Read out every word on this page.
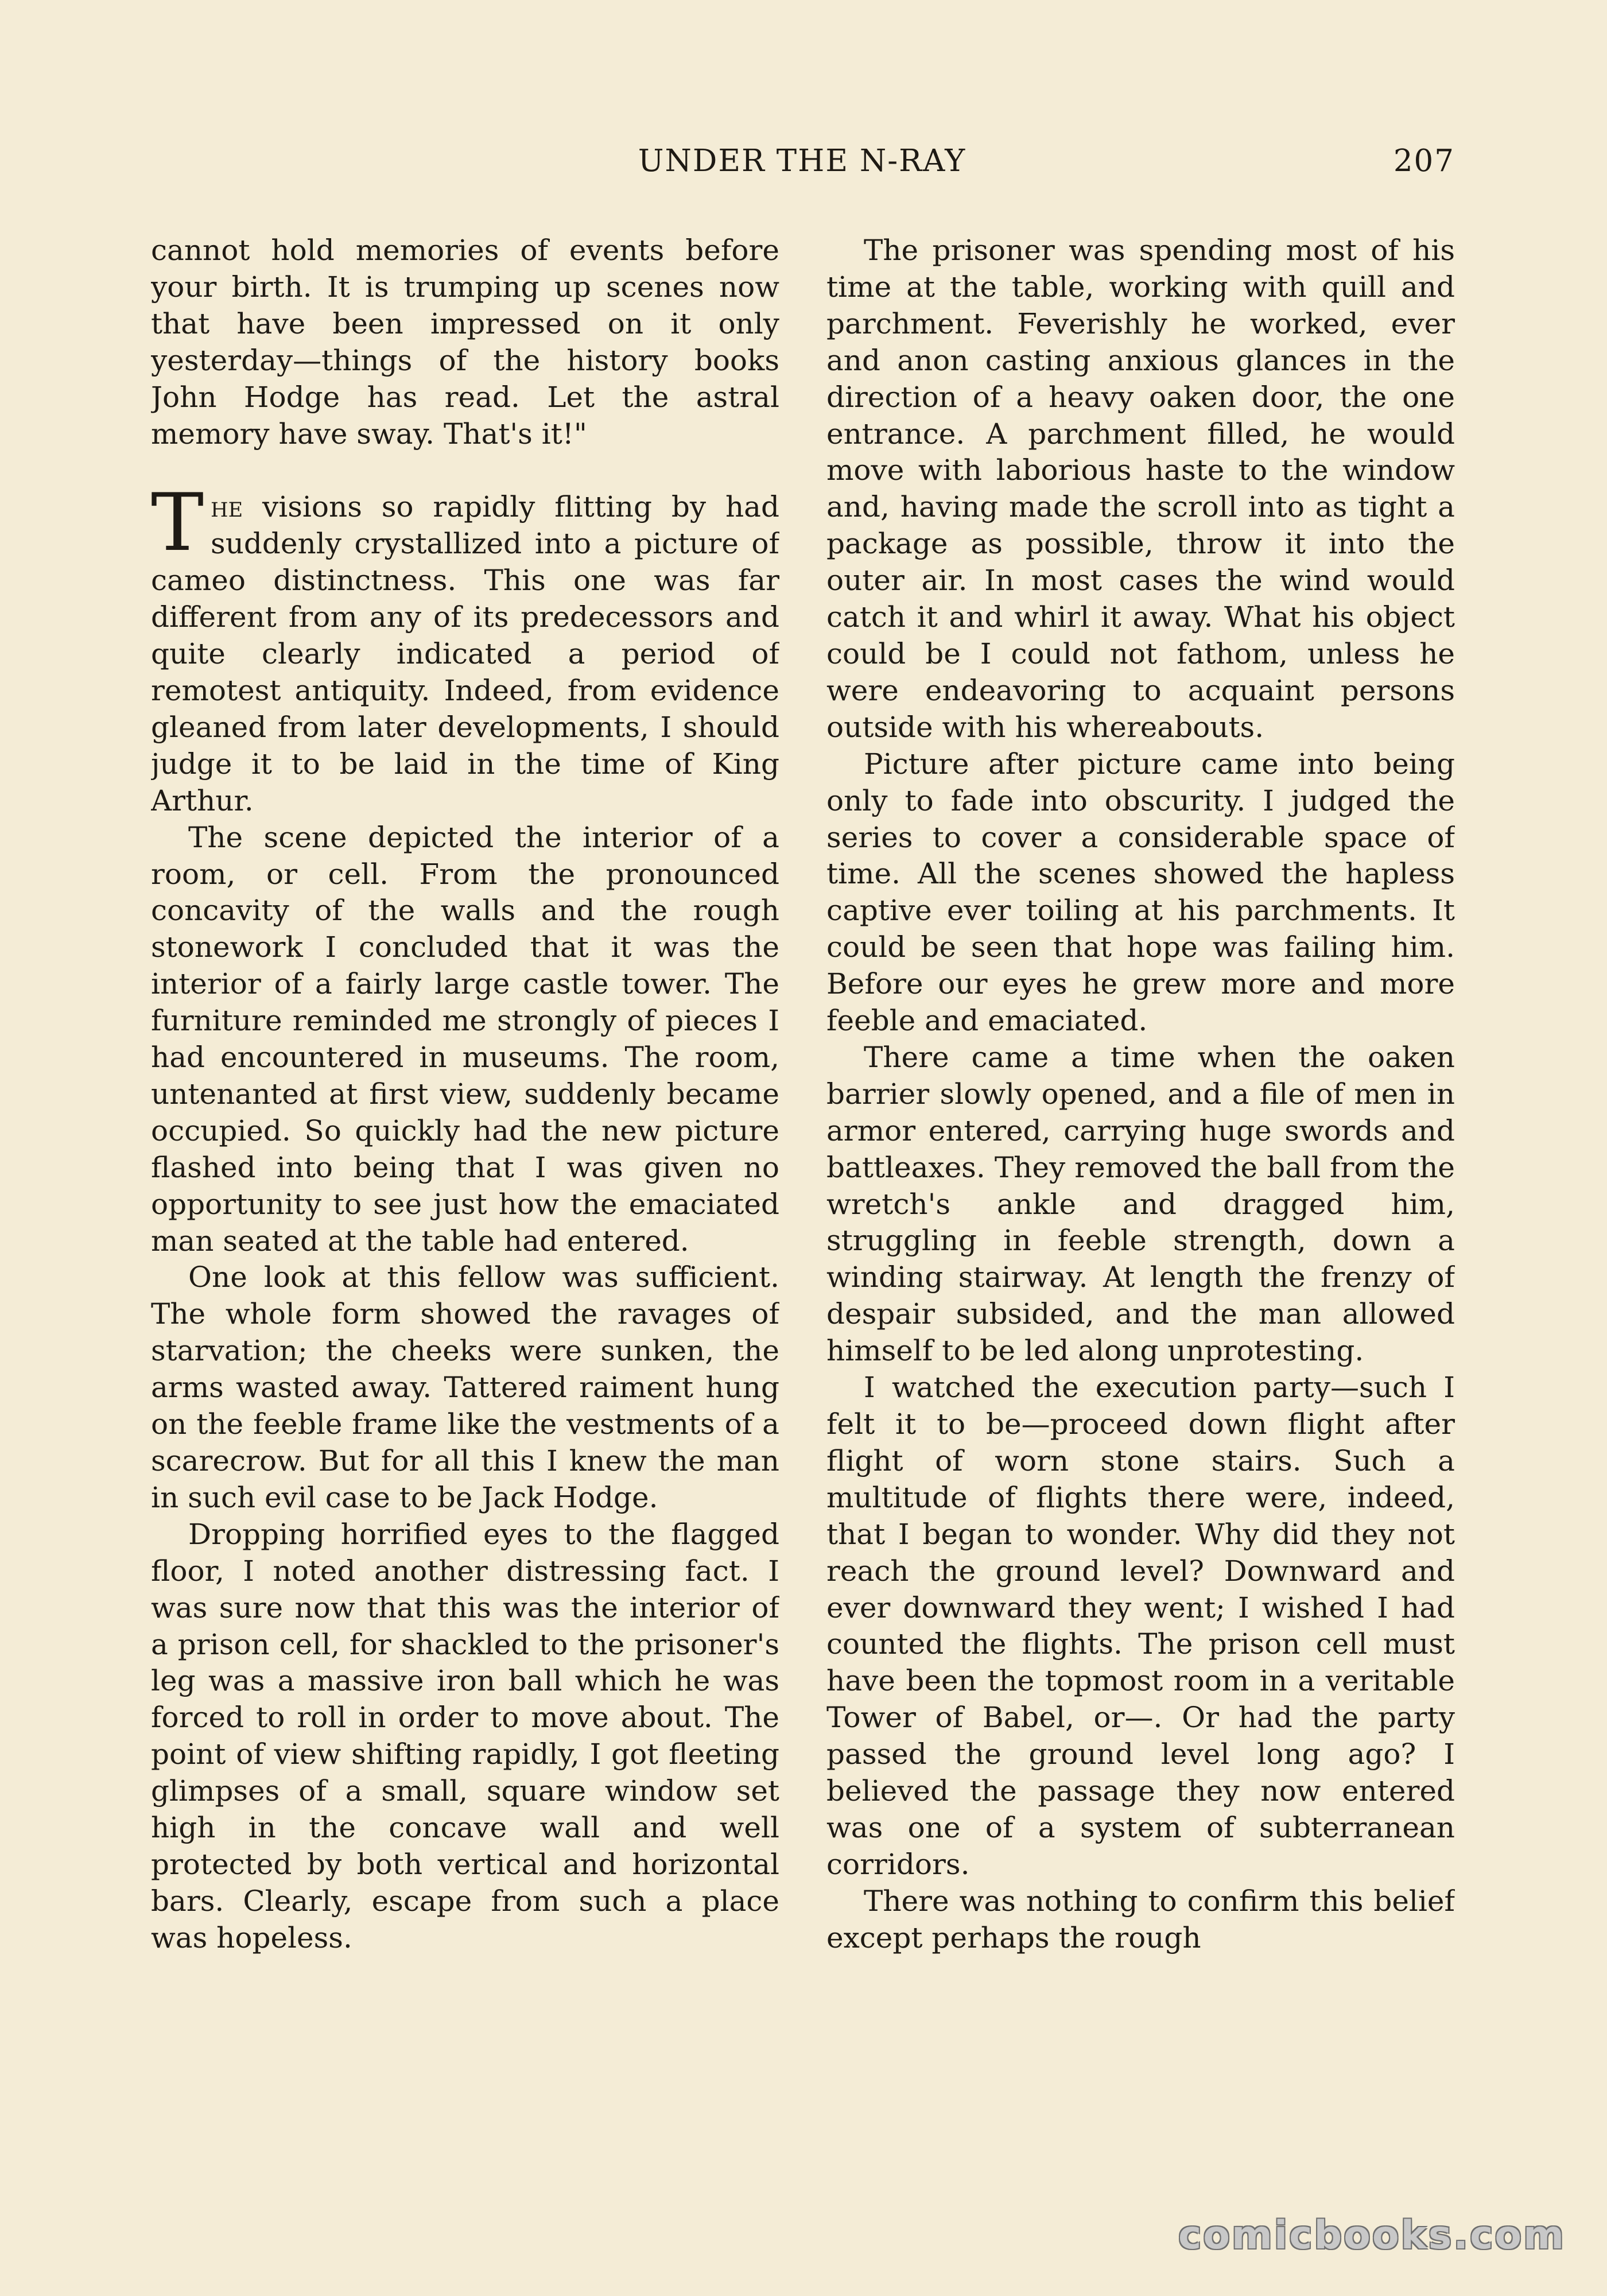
UNDER THE N-RAY	207

cannot hold memories of events before your birth. It is trumping up scenes now that have been impressed on it only yesterday—things of the history books John Hodge has read. Let the astral memory have sway. That's it!"

The visions so rapidly flitting by had suddenly crystallized into a picture of cameo distinctness. This one was far different from any of its predecessors and quite clearly indicated a period of remotest antiquity. Indeed, from evidence gleaned from later developments, I should judge it to be laid in the time of King Arthur.

The scene depicted the interior of a room, or cell. From the pronounced concavity of the walls and the rough stonework I concluded that it was the interior of a fairly large castle tower. The furniture reminded me strongly of pieces I had encountered in museums. The room, untenanted at first view, suddenly became occupied. So quickly had the new picture flashed into being that I was given no opportunity to see just how the emaciated man seated at the table had entered.

One look at this fellow was sufficient. The whole form showed the ravages of starvation; the cheeks were sunken, the arms wasted away. Tattered raiment hung on the feeble frame like the vestments of a scarecrow. But for all this I knew the man in such evil case to be Jack Hodge.

Dropping horrified eyes to the flagged floor, I noted another distressing fact. I was sure now that this was the interior of a prison cell, for shackled to the prisoner's leg was a massive iron ball which he was forced to roll in order to move about. The point of view shifting rapidly, I got fleeting glimpses of a small, square window set high in the concave wall and well protected by both vertical and horizontal bars. Clearly, escape from such a place was hopeless.

The prisoner was spending most of his time at the table, working with quill and parchment. Feverishly he worked, ever and anon casting anxious glances in the direction of a heavy oaken door, the one entrance. A parchment filled, he would move with laborious haste to the window and, having made the scroll into as tight a package as possible, throw it into the outer air. In most cases the wind would catch it and whirl it away. What his object could be I could not fathom, unless he were endeavoring to acquaint persons outside with his whereabouts.

Picture after picture came into being only to fade into obscurity. I judged the series to cover a considerable space of time. All the scenes showed the hapless captive ever toiling at his parchments. It could be seen that hope was failing him. Before our eyes he grew more and more feeble and emaciated.

There came a time when the oaken barrier slowly opened, and a file of men in armor entered, carrying huge swords and battleaxes. They removed the ball from the wretch's ankle and dragged him, struggling in feeble strength, down a winding stairway. At length the frenzy of despair subsided, and the man allowed himself to be led along unprotesting.

I watched the execution party—such I felt it to be—proceed down flight after flight of worn stone stairs. Such a multitude of flights there were, indeed, that I began to wonder. Why did they not reach the ground level? Downward and ever downward they went; I wished I had counted the flights. The prison cell must have been the topmost room in a veritable Tower of Babel, or—. Or had the party passed the ground level long ago? I believed the passage they now entered was one of a system of subterranean corridors.

There was nothing to confirm this belief except perhaps the rough

comicbooks.com
